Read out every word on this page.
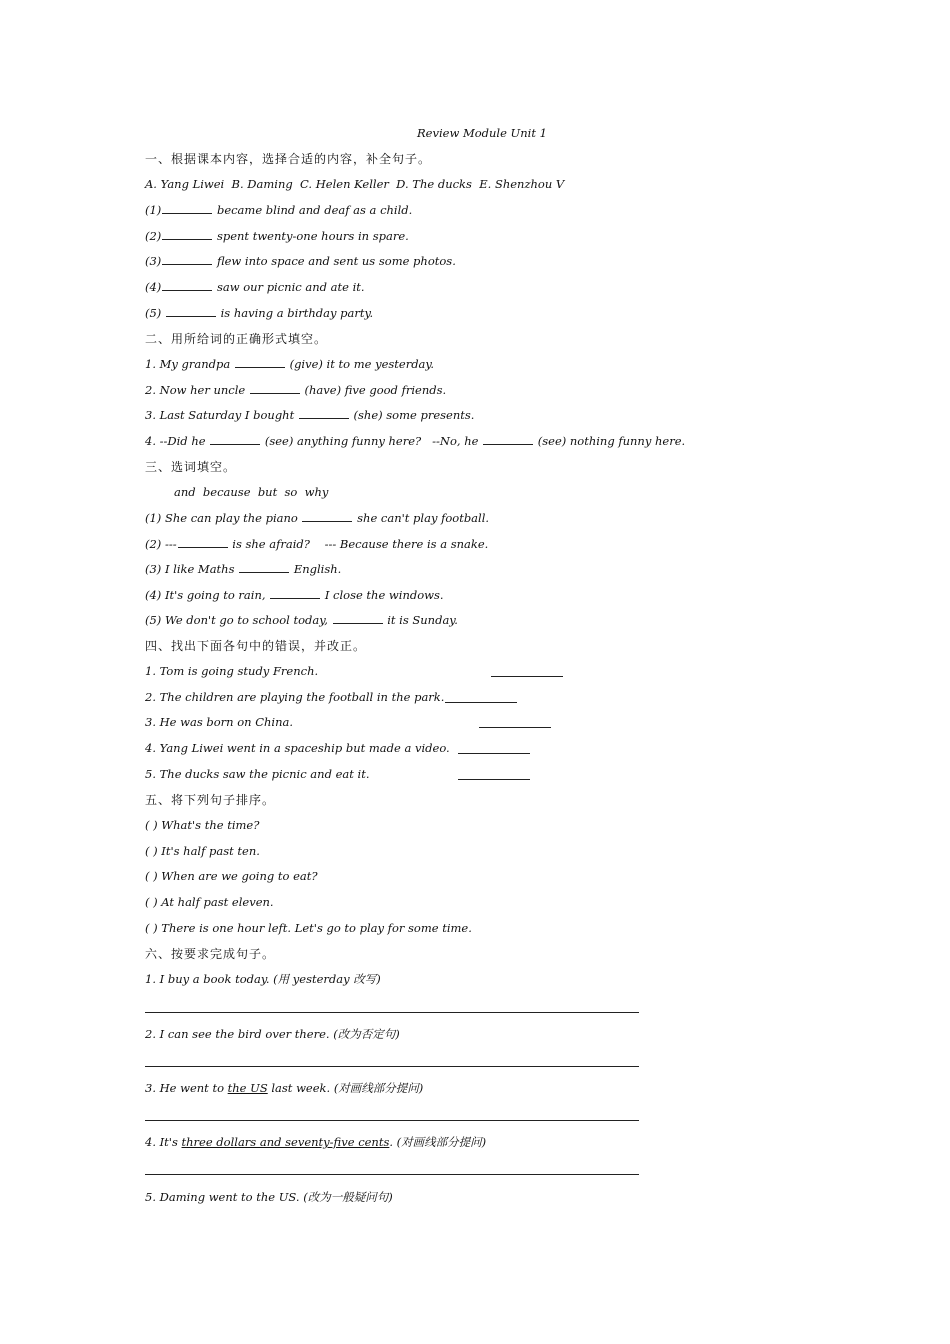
Review Module Unit 1
一、根据课本内容，选择合适的内容，补全句子。
A. Yang Liwei  B. Daming  C. Helen Keller  D. The ducks  E. Shenzhou V
(1)	became blind and deaf as a child.
(2)	spent twenty-one hours in spare.
(3)	flew into space and sent us some photos.
(4)	saw our picnic and ate it.
(5)	is having a birthday party.
二、用所给词的正确形式填空。
1. My grandpa	(give) it to me yesterday.
2. Now her uncle	(have) five good friends.
3. Last Saturday I bought	(she) some presents.
4. --Did he	(see) anything funny here?   --No, he	(see) nothing funny here.
三、选词填空。
and  because  but  so  why
(1) She can play the piano	she can't play football.
(2) ---	is she afraid?    --- Because there is a snake.
(3) I like Maths	English.
(4) It's going to rain,	I close the windows.
(5) We don't go to school today,	it is Sunday.
四、找出下面各句中的错误，并改正。
1. Tom is going study French.
2. The children are playing the football in the park.
3. He was born on China.
4. Yang Liwei went in a spaceship but made a video.
5. The ducks saw the picnic and eat it.
五、将下列句子排序。
( ) What's the time?
( ) It's half past ten.
( ) When are we going to eat?
( ) At half past eleven.
( ) There is one hour left. Let's go to play for some time.
六、按要求完成句子。
1. I buy a book today. (用 yesterday 改写)
2. I can see the bird over there. (改为否定句)
3. He went to the US last week. (对画线部分提问)
4. It's three dollars and seventy-five cents. (对画线部分提问)
5. Daming went to the US. (改为一般疑问句)
